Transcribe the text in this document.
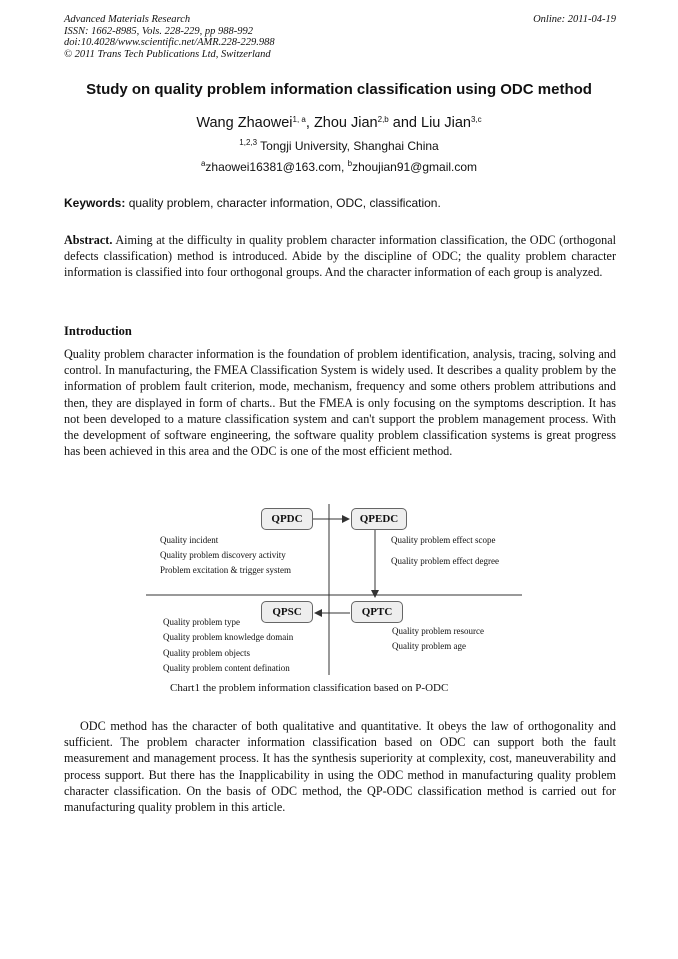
Advanced Materials Research
ISSN: 1662-8985, Vols. 228-229, pp 988-992
doi:10.4028/www.scientific.net/AMR.228-229.988
© 2011 Trans Tech Publications Ltd, Switzerland
Online: 2011-04-19
Study on quality problem information classification using ODC method
Wang Zhaowei$^{1, a}$, Zhou Jian$^{2,b}$ and Liu Jian$^{3,c}$
$^{1,2,3}$ Tongji University, Shanghai China
$^a$zhaowei16381@163.com, $^b$zhoujian91@gmail.com
Keywords: quality problem, character information, ODC, classification.
Abstract. Aiming at the difficulty in quality problem character information classification, the ODC (orthogonal defects classification) method is introduced. Abide by the discipline of ODC; the quality problem character information is classified into four orthogonal groups. And the character information of each group is analyzed.
Introduction
Quality problem character information is the foundation of problem identification, analysis, tracing, solving and control. In manufacturing, the FMEA Classification System is widely used. It describes a quality problem by the information of problem fault criterion, mode, mechanism, frequency and some others problem attributions and then, they are displayed in form of charts.. But the FMEA is only focusing on the symptoms description. It has not been developed to a mature classification system and can't support the problem management process. With the development of software engineering, the software quality problem classification systems is great progress has been achieved in this area and the ODC is one of the most efficient method.
QPDC	QPEDC
QPSC	QPTC
Quality incident
Quality problem discovery activity
Problem excitation & trigger system
Quality problem effect scope
Quality problem effect degree
Quality problem type
Quality problem knowledge domain
Quality problem objects
Quality problem content defination
Quality problem resource
Quality problem age
Chart1 the problem information classification based on P-ODC
ODC method has the character of both qualitative and quantitative. It obeys the law of orthogonality and sufficient. The problem character information classification based on ODC can support both the fault measurement and management process. It has the synthesis superiority at complexity, cost, maneuverability and process support. But there has the Inapplicability in using the ODC method in manufacturing quality problem character classification. On the basis of ODC method, the QP-ODC classification method is carried out for manufacturing quality problem in this article.
